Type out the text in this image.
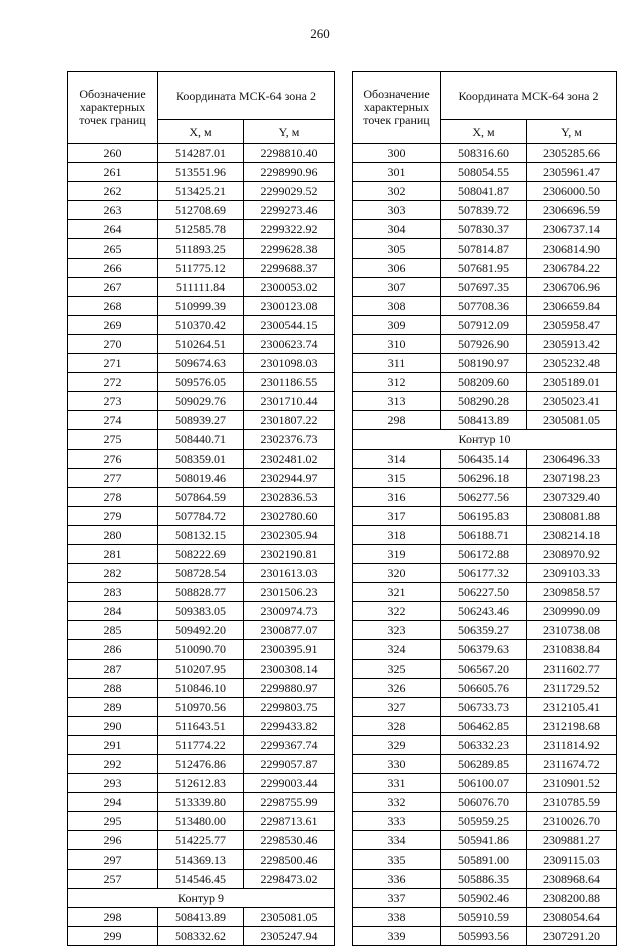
260
Обозначение характерных точек границ	Координата МСК-64 зона 2	
	X, м	Y, м
260	514287.01	2298810.40
261	513551.96	2298990.96
262	513425.21	2299029.52
263	512708.69	2299273.46
264	512585.78	2299322.92
265	511893.25	2299628.38
266	511775.12	2299688.37
267	511111.84	2300053.02
268	510999.39	2300123.08
269	510370.42	2300544.15
270	510264.51	2300623.74
271	509674.63	2301098.03
272	509576.05	2301186.55
273	509029.76	2301710.44
274	508939.27	2301807.22
275	508440.71	2302376.73
276	508359.01	2302481.02
277	508019.46	2302944.97
278	507864.59	2302836.53
279	507784.72	2302780.60
280	508132.15	2302305.94
281	508222.69	2302190.81
282	508728.54	2301613.03
283	508828.77	2301506.23
284	509383.05	2300974.73
285	509492.20	2300877.07
286	510090.70	2300395.91
287	510207.95	2300308.14
288	510846.10	2299880.97
289	510970.56	2299803.75
290	511643.51	2299433.82
291	511774.22	2299367.74
292	512476.86	2299057.87
293	512612.83	2299003.44
294	513339.80	2298755.99
295	513480.00	2298713.61
296	514225.77	2298530.46
297	514369.13	2298500.46
257	514546.45	2298473.02
Контур 9		
298	508413.89	2305081.05
299	508332.62	2305247.94
Обозначение характерных точек границ	Координата МСК-64 зона 2	
	X, м	Y, м
300	508316.60	2305285.66
301	508054.55	2305961.47
302	508041.87	2306000.50
303	507839.72	2306696.59
304	507830.37	2306737.14
305	507814.87	2306814.90
306	507681.95	2306784.22
307	507697.35	2306706.96
308	507708.36	2306659.84
309	507912.09	2305958.47
310	507926.90	2305913.42
311	508190.97	2305232.48
312	508209.60	2305189.01
313	508290.28	2305023.41
298	508413.89	2305081.05
Контур 10		
314	506435.14	2306496.33
315	506296.18	2307198.23
316	506277.56	2307329.40
317	506195.83	2308081.88
318	506188.71	2308214.18
319	506172.88	2308970.92
320	506177.32	2309103.33
321	506227.50	2309858.57
322	506243.46	2309990.09
323	506359.27	2310738.08
324	506379.63	2310838.84
325	506567.20	2311602.77
326	506605.76	2311729.52
327	506733.73	2312105.41
328	506462.85	2312198.68
329	506332.23	2311814.92
330	506289.85	2311674.72
331	506100.07	2310901.52
332	506076.70	2310785.59
333	505959.25	2310026.70
334	505941.86	2309881.27
335	505891.00	2309115.03
336	505886.35	2308968.64
337	505902.46	2308200.88
338	505910.59	2308054.64
339	505993.56	2307291.20
